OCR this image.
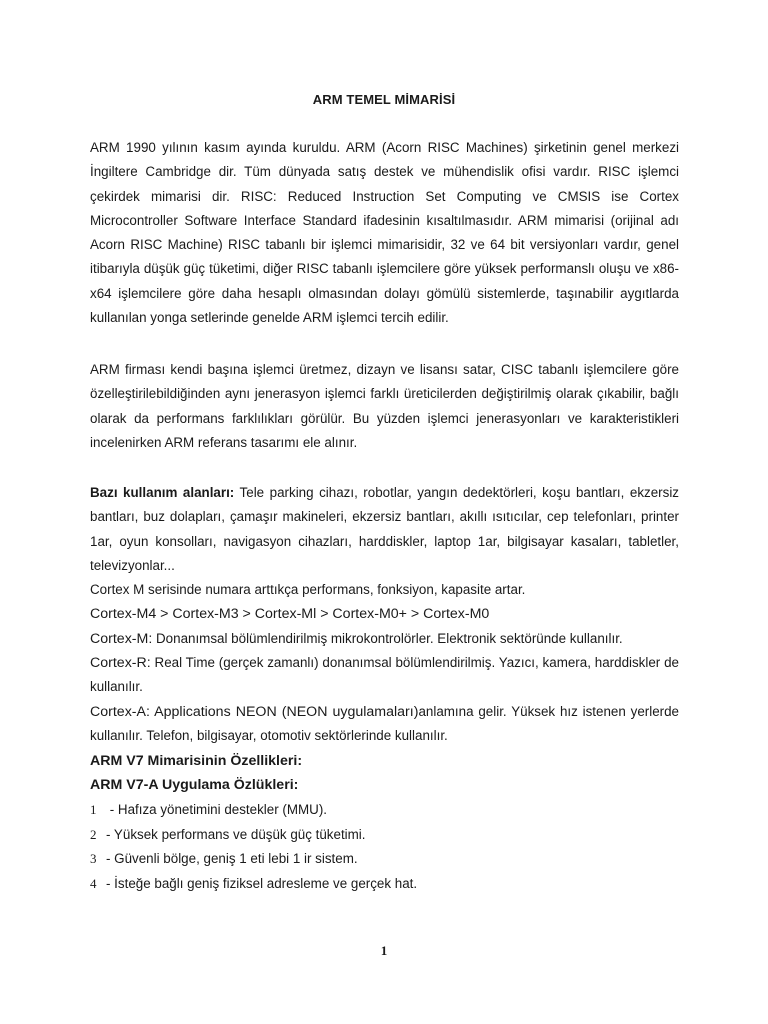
ARM TEMEL MİMARİSİ

ARM 1990 yılının kasım ayında kuruldu. ARM (Acorn RISC Machines) şirketinin genel merkezi İngiltere Cambridge dir. Tüm dünyada satış destek ve mühendislik ofisi vardır. RISC işlemci çekirdek mimarisi dir. RISC: Reduced Instruction Set Computing ve CMSIS ise Cortex Microcontroller Software Interface Standard ifadesinin kısaltılmasıdır. ARM mimarisi (orijinal adı Acorn RISC Machine) RISC tabanlı bir işlemci mimarisidir, 32 ve 64 bit versiyonları vardır, genel itibarıyla düşük güç tüketimi, diğer RISC tabanlı işlemcilere göre yüksek performanslı oluşu ve x86-x64 işlemcilere göre daha hesaplı olmasından dolayı gömülü sistemlerde, taşınabilir aygıtlarda kullanılan yonga setlerinde genelde ARM işlemci tercih edilir.

ARM firması kendi başına işlemci üretmez, dizayn ve lisansı satar, CISC tabanlı işlemcilere göre özelleştirilebildiğinden aynı jenerasyon işlemci farklı üreticilerden değiştirilmiş olarak çıkabilir, bağlı olarak da performans farklılıkları görülür. Bu yüzden işlemci jenerasyonları ve karakteristikleri incelenirken ARM referans tasarımı ele alınır.

Bazı kullanım alanları: Tele parking cihazı, robotlar, yangın dedektörleri, koşu bantları, ekzersiz bantları, buz dolapları, çamaşır makineleri, ekzersiz bantları, akıllı ısıtıcılar, cep telefonları, printer 1ar, oyun konsolları, navigasyon cihazları, harddiskler, laptop 1ar, bilgisayar kasaları, tabletler, televizyonlar...

Cortex M serisinde numara arttıkça performans, fonksiyon, kapasite artar.

Cortex-M4 > Cortex-M3 > Cortex-Ml > Cortex-M0+ > Cortex-M0

Cortex-M: Donanımsal bölümlendirilmiş mikrokontrolörler. Elektronik sektöründe kullanılır.

Cortex-R: Real Time (gerçek zamanlı) donanımsal bölümlendirilmiş. Yazıcı, kamera, harddiskler de kullanılır.

Cortex-A: Applications NEON (NEON uygulamaları)anlamına gelir. Yüksek hız istenen yerlerde kullanılır. Telefon, bilgisayar, otomotiv sektörlerinde kullanılır.

ARM V7 Mimarisinin Özellikleri:

ARM V7-A Uygulama Özlükleri:

1 - Hafıza yönetimini destekler (MMU).

2 - Yüksek performans ve düşük güç tüketimi.

3 - Güvenli bölge, geniş 1 eti lebi 1 ir sistem.

4 - İsteğe bağlı geniş fiziksel adresleme ve gerçek hat.

1
